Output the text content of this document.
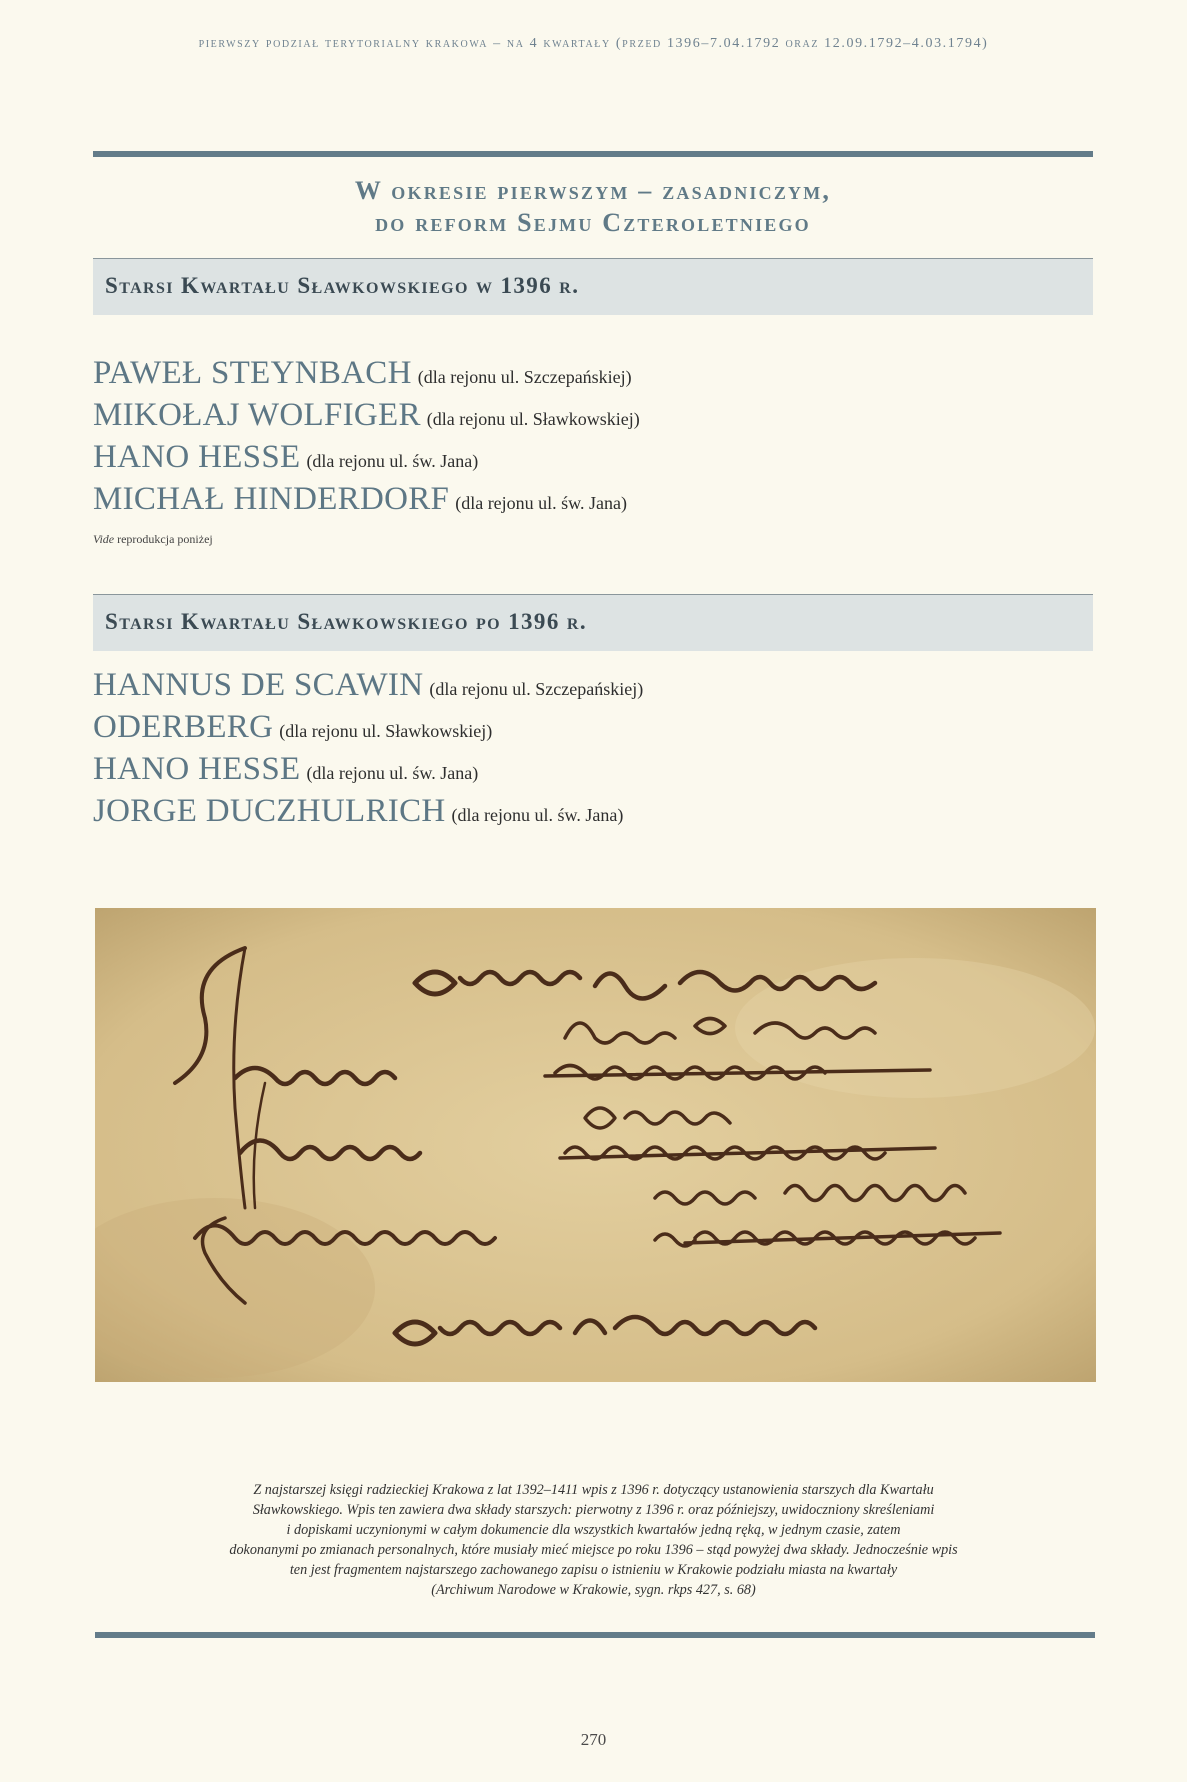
pierwszy podział terytorialny krakowa – na 4 kwartały (przed 1396–7.04.1792 oraz 12.09.1792–4.03.1794)
W okresie pierwszym – zasadniczym,
do reform Sejmu Czteroletniego
Starsi Kwartału Sławkowskiego w 1396 r.
PAWEŁ STEYNBACH (dla rejonu ul. Szczepańskiej)
MIKOŁAJ WOLFIGER (dla rejonu ul. Sławkowskiej)
HANO HESSE (dla rejonu ul. św. Jana)
MICHAŁ HINDERDORF (dla rejonu ul. św. Jana)
Vide reprodukcja poniżej
Starsi Kwartału Sławkowskiego po 1396 r.
HANNUS DE SCAWIN (dla rejonu ul. Szczepańskiej)
ODERBERG (dla rejonu ul. Sławkowskiej)
HANO HESSE (dla rejonu ul. św. Jana)
JORGE DUCZHULRICH (dla rejonu ul. św. Jana)
Z najstarszej księgi radzieckiej Krakowa z lat 1392–1411 wpis z 1396 r. dotyczący ustanowienia starszych dla Kwartału
Sławkowskiego. Wpis ten zawiera dwa składy starszych: pierwotny z 1396 r. oraz późniejszy, uwidoczniony skreśleniami
i dopiskami uczynionymi w całym dokumencie dla wszystkich kwartałów jedną ręką, w jednym czasie, zatem
dokonanymi po zmianach personalnych, które musiały mieć miejsce po roku 1396 – stąd powyżej dwa składy. Jednocześnie wpis
ten jest fragmentem najstarszego zachowanego zapisu o istnieniu w Krakowie podziału miasta na kwartały
(Archiwum Narodowe w Krakowie, sygn. rkps 427, s. 68)
270
